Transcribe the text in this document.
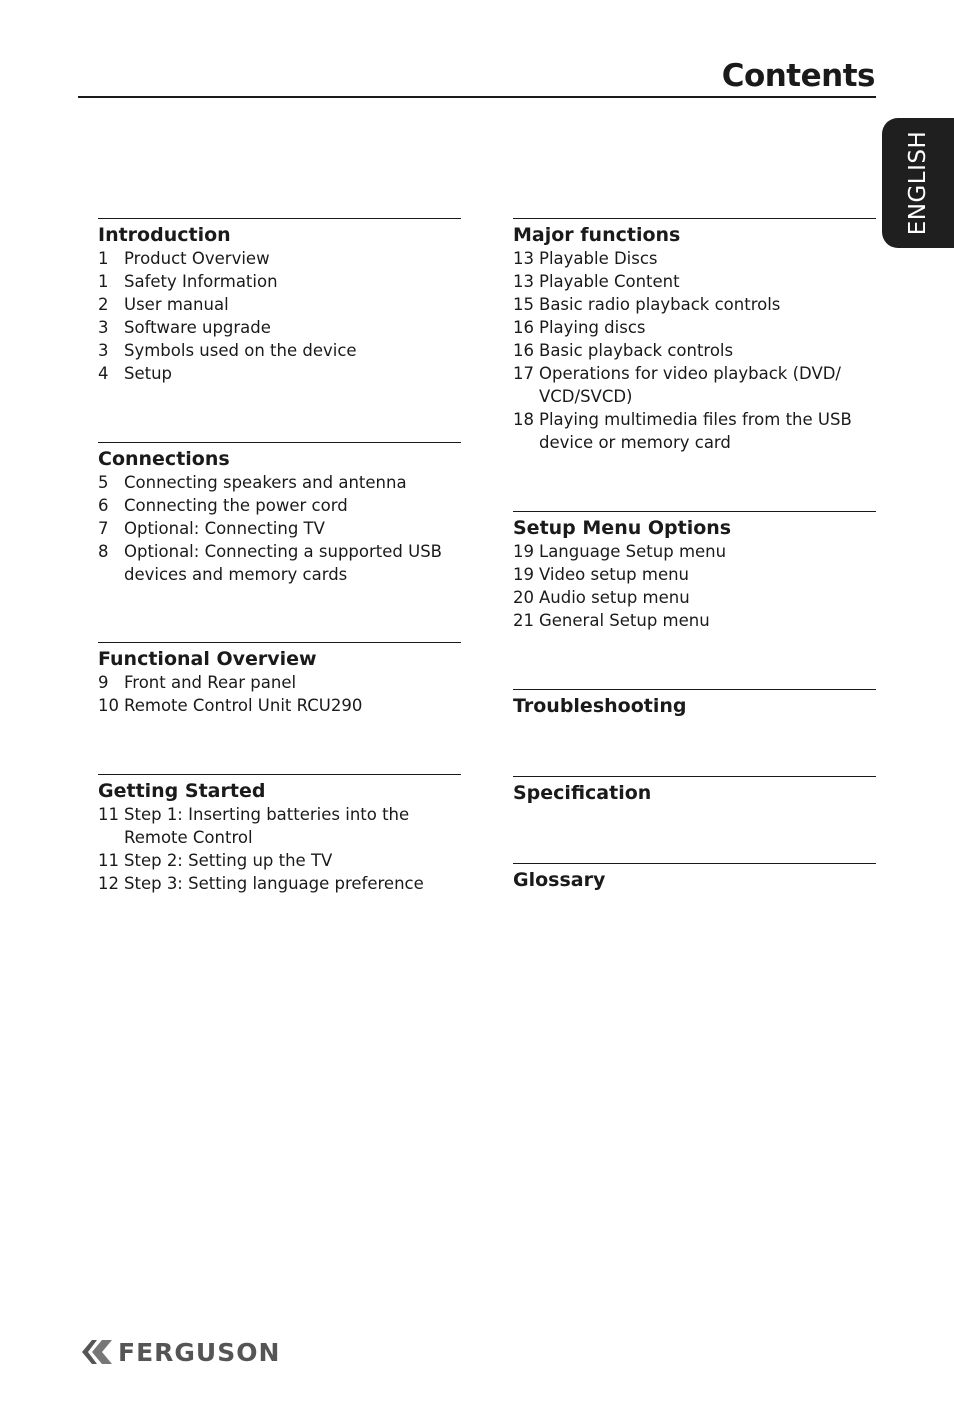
Contents
ENGLISH
Introduction
1 Product Overview
1 Safety Information
2 User manual
3 Software upgrade
3 Symbols used on the device
4 Setup
Connections
5 Connecting speakers and antenna
6 Connecting the power cord
7 Optional: Connecting TV
8 Optional: Connecting a supported USB devices and memory cards
Functional Overview
9 Front and Rear panel
10 Remote Control Unit RCU290
Getting Started
11 Step 1: Inserting batteries into the Remote Control
11 Step 2: Setting up the TV
12 Step 3: Setting language preference
Major functions
13 Playable Discs
13 Playable Content
15 Basic radio playback controls
16 Playing discs
16 Basic playback controls
17 Operations for video playback (DVD/ VCD/SVCD)
18 Playing multimedia files from the USB device or memory card
Setup Menu Options
19 Language Setup menu
19 Video setup menu
20 Audio setup menu
21 General Setup menu
Troubleshooting
Specification
Glossary
FERGUSON
